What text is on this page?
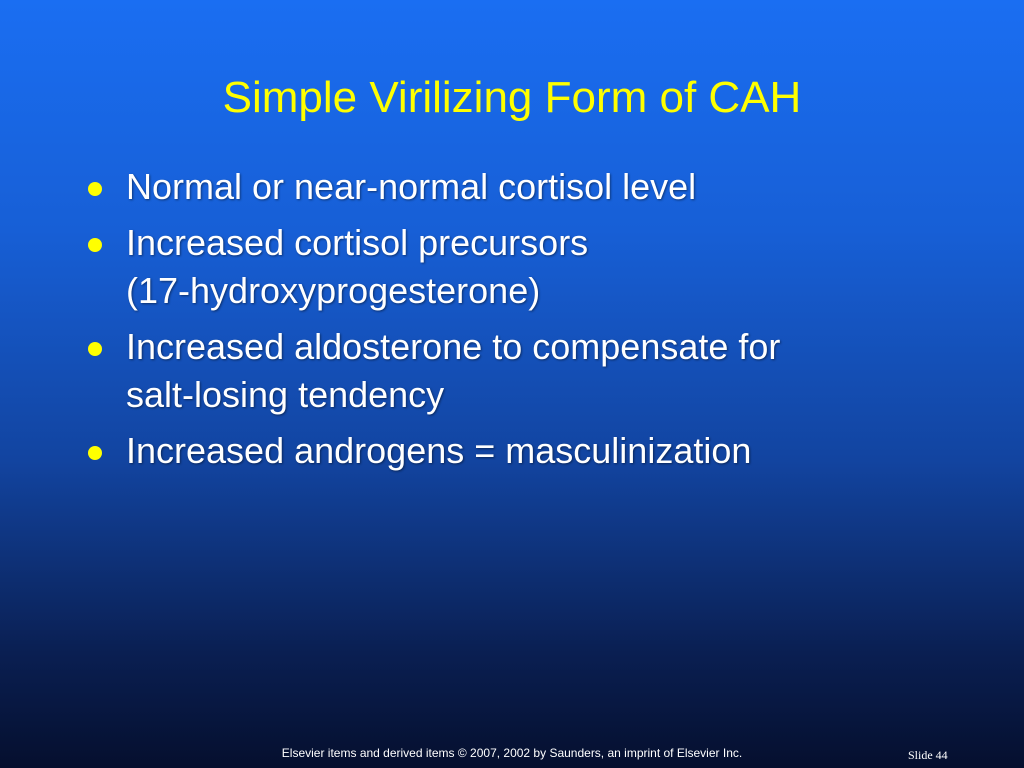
Simple Virilizing Form of CAH
Normal or near-normal cortisol level
Increased cortisol precursors
(17-hydroxyprogesterone)
Increased aldosterone to compensate for
salt-losing tendency
Increased androgens = masculinization
Elsevier items and derived items © 2007, 2002 by Saunders, an imprint of Elsevier Inc.	Slide 44
